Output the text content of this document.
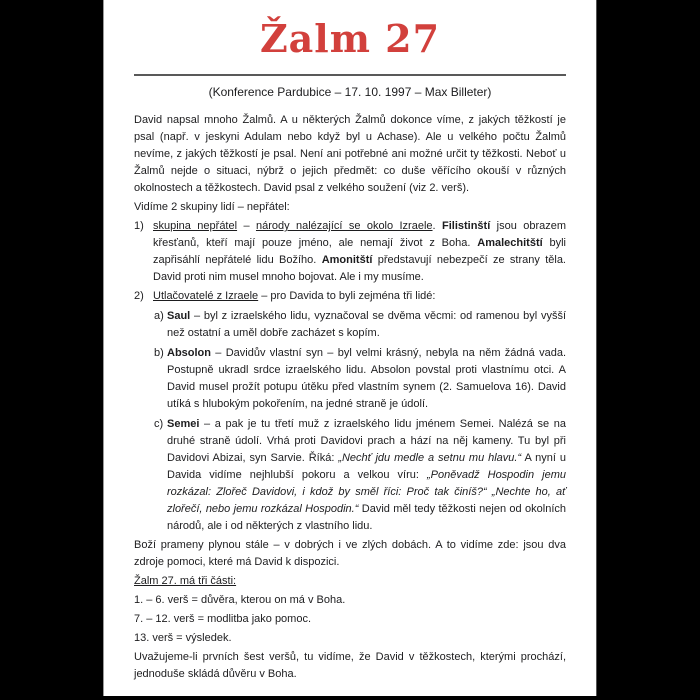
Žalm 27
(Konference Pardubice – 17. 10. 1997 – Max Billeter)
David napsal mnoho Žalmů. A u některých Žalmů dokonce víme, z jakých těžkostí je psal (např. v jeskyni Adulam nebo když byl u Achase). Ale u velkého počtu Žalmů nevíme, z jakých těžkostí je psal. Není ani potřebné ani možné určit ty těžkosti. Neboť u Žalmů nejde o situaci, nýbrž o jejich předmět: co duše věřícího okouší v různých okolnostech a těžkostech. David psal z velkého soužení (viz 2. verš).
Vidíme 2 skupiny lidí – nepřátel:
1) skupina nepřátel – národy nalézající se okolo Izraele. Filistinští jsou obrazem křesťanů, kteří mají pouze jméno, ale nemají život z Boha. Amalechitští byli zapřisáhlí nepřátelé lidu Božího. Amonitští představují nebezpečí ze strany těla. David proti nim musel mnoho bojovat. Ale i my musíme.
2) Utlačovatelé z Izraele – pro Davida to byli zejména tři lidé:
a) Saul – byl z izraelského lidu, vyznačoval se dvěma věcmi: od ramenou byl vyšší než ostatní a uměl dobře zacházet s kopím.
b) Absolon – Davidův vlastní syn – byl velmi krásný, nebyla na něm žádná vada. Postupně ukradl srdce izraelského lidu. Absolon povstal proti vlastnímu otci. A David musel prožít potupu útěku před vlastním synem (2. Samuelova 16). David utíká s hlubokým pokořením, na jedné straně je údolí.
c) Semei – a pak je tu třetí muž z izraelského lidu jménem Semei. Nalézá se na druhé straně údolí. Vrhá proti Davidovi prach a hází na něj kameny. Tu byl při Davidovi Abizai, syn Sarvie. Říká: „Nechť jdu medle a setnu mu hlavu.“ A nyní u Davida vidíme nejhlubší pokoru a velkou víru: „Poněvadž Hospodin jemu rozkázal: Zlořeč Davidovi, i kdož by směl říci: Proč tak činíš?“ „Nechte ho, ať zlořečí, nebo jemu rozkázal Hospodin.“ David měl tedy těžkosti nejen od okolních národů, ale i od některých z vlastního lidu.
Boží prameny plynou stále – v dobrých i ve zlých dobách. A to vidíme zde: jsou dva zdroje pomoci, které má David k dispozici.
Žalm 27. má tři části:
1. – 6. verš = důvěra, kterou on má v Boha.
7. – 12. verš = modlitba jako pomoc.
13. verš = výsledek.
Uvažujeme-li prvních šest veršů, tu vidíme, že David v těžkostech, kterými prochází, jednoduše skládá důvěru v Boha.
